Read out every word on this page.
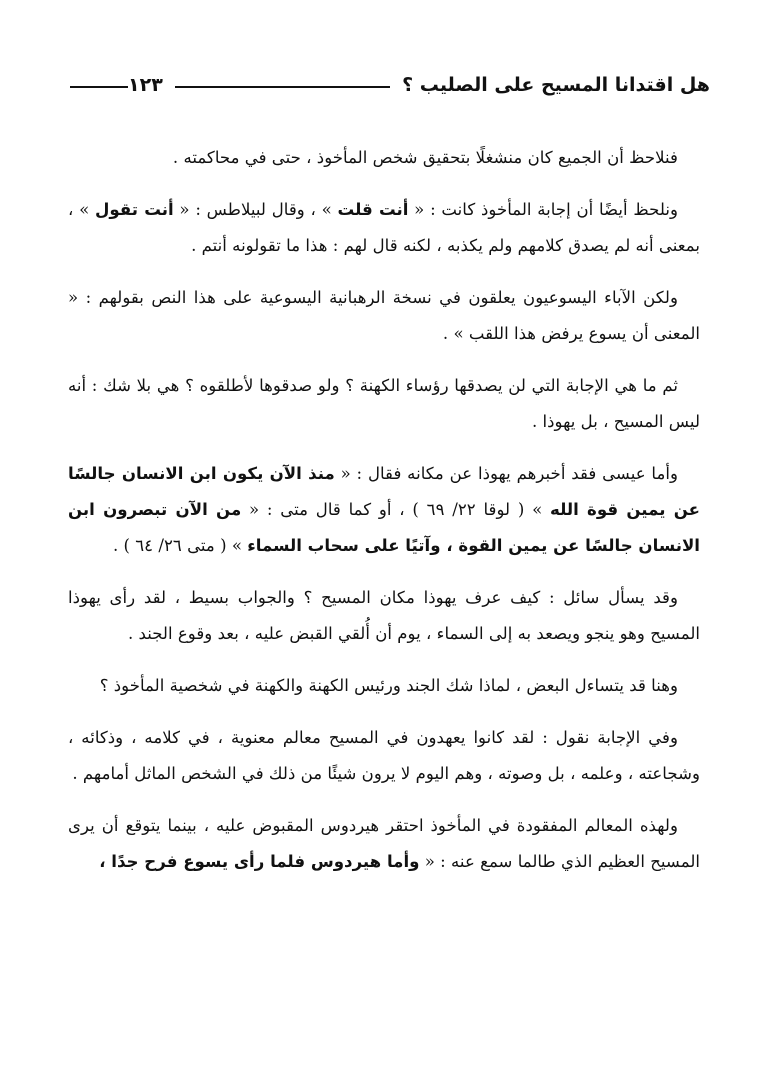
هل اقتدانا المسيح على الصليب ؟
١٢٣

فنلاحظ أن الجميع كان منشغلًا بتحقيق شخص المأخوذ ، حتى في محاكمته .

ونلحظ أيضًا أن إجابة المأخوذ كانت : « أنت قلت » ، وقال لبيلاطس : « أنت تقول » ، بمعنى أنه لم يصدق كلامهم ولم يكذبه ، لكنه قال لهم : هذا ما تقولونه أنتم .

ولكن الآباء اليسوعيون يعلقون في نسخة الرهبانية اليسوعية على هذا النص بقولهم : « المعنى أن يسوع يرفض هذا اللقب » .

ثم ما هي الإجابة التي لن يصدقها رؤساء الكهنة ؟ ولو صدقوها لأطلقوه ؟ هي بلا شك : أنه ليس المسيح ، بل يهوذا .

وأما عيسى فقد أخبرهم يهوذا عن مكانه فقال : « منذ الآن يكون ابن الانسان جالسًا عن يمين قوة الله » ( لوقا ٢٢/ ٦٩ ) ، أو كما قال متى : « من الآن تبصرون ابن الانسان جالسًا عن يمين القوة ، وآتيًا على سحاب السماء » ( متى ٢٦/ ٦٤ ) .

وقد يسأل سائل : كيف عرف يهوذا مكان المسيح ؟ والجواب بسيط ، لقد رأى يهوذا المسيح وهو ينجو ويصعد به إلى السماء ، يوم أن أُلقي القبض عليه ، بعد وقوع الجند .

وهنا قد يتساءل البعض ، لماذا شك الجند ورئيس الكهنة والكهنة في شخصية المأخوذ ؟

وفي الإجابة نقول : لقد كانوا يعهدون في المسيح معالم معنوية ، في كلامه ، وذكائه ، وشجاعته ، وعلمه ، بل وصوته ، وهم اليوم لا يرون شيئًا من ذلك في الشخص الماثل أمامهم .

ولهذه المعالم المفقودة في المأخوذ احتقر هيردوس المقبوض عليه ، بينما يتوقع أن يرى المسيح العظيم الذي طالما سمع عنه : « وأما هيردوس فلما رأى يسوع فرح جدًا ،
